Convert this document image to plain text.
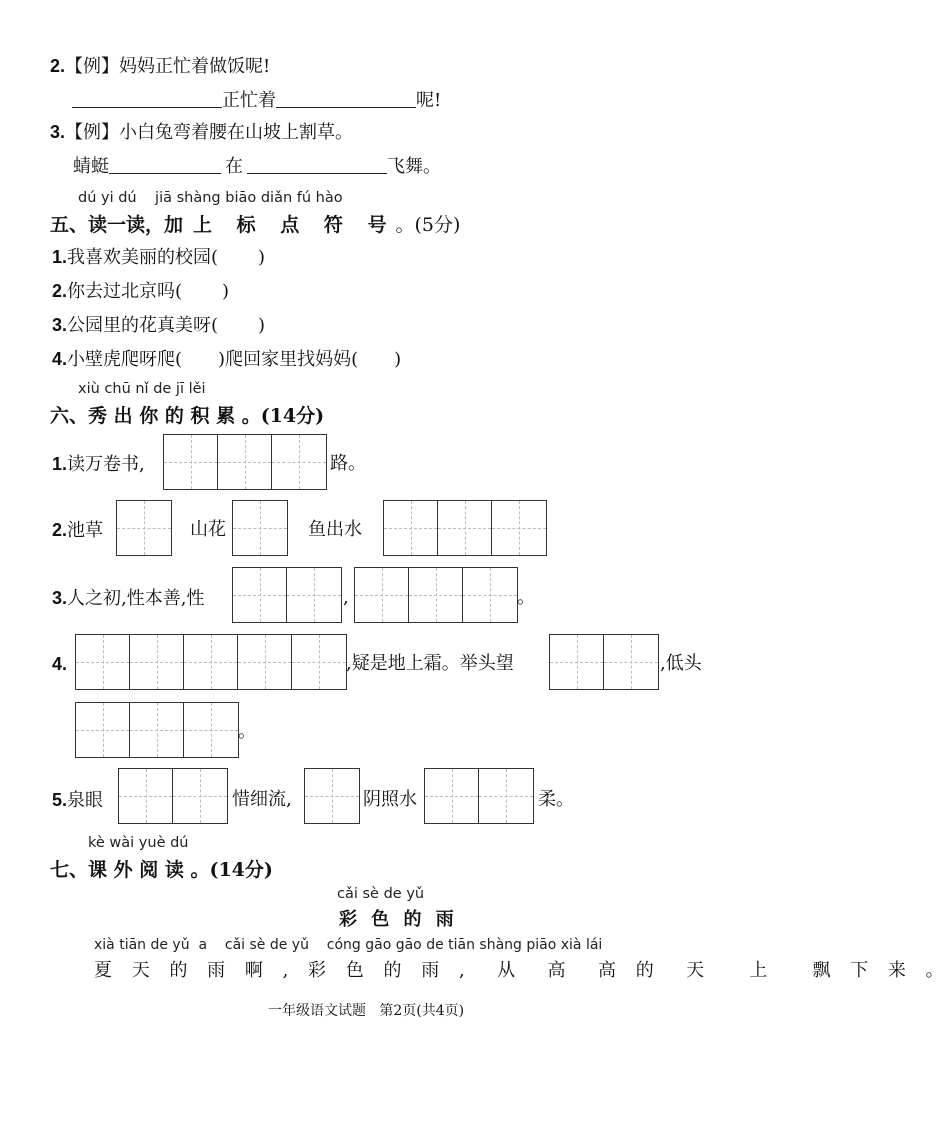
2.【例】妈妈正忙着做饭呢!
正忙着	呢!
3.【例】小白兔弯着腰在山坡上割草。
蜻蜓	在	飞舞。
dú yi dú    jiā shàng biāo diǎn fú hào
五、读一读，加 上 标 点 符 号。(5分)
1.我喜欢美丽的校园( )
2.你去过北京吗( )
3.公园里的花真美呀( )
4.小壁虎爬呀爬( )爬回家里找妈妈( )
xiù chū nǐ de jī lěi
六、秀 出 你 的 积 累 。(14分)
1.读万卷书,	路。
2.池草	山花	鱼出水
3.人之初,性本善,性	,	。
4.	,疑是地上霜。举头望	,低头
。
5.泉眼	惜细流,	阴照水	柔。
kè wài yuè dú
七、课 外 阅 读 。(14分)
cǎi sè de yǔ
彩 色 的 雨
xià tiān de yǔ  a    cǎi sè de yǔ    cóng gāo gāo de tiān shàng piāo xià lái
夏 天 的 雨 啊 , 彩 色 的 雨 ,  从  高  高 的  天   上   飘 下 来 。
一年级语文试题   第2页(共4页)
